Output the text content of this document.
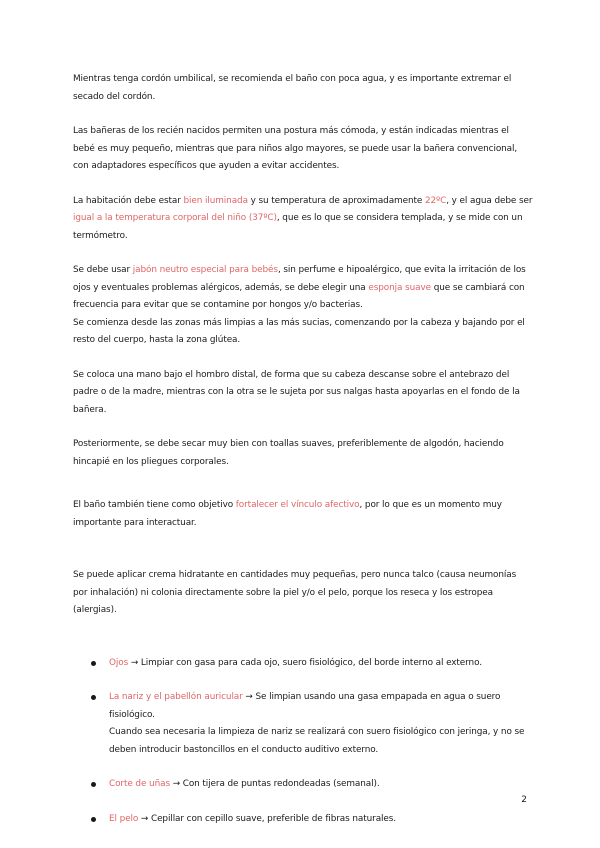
Mientras tenga cordón umbilical, se recomienda el baño con poca agua, y es importante extremar el secado del cordón.

Las bañeras de los recién nacidos permiten una postura más cómoda, y están indicadas mientras el bebé es muy pequeño, mientras que para niños algo mayores, se puede usar la bañera convencional, con adaptadores específicos que ayuden a evitar accidentes.

La habitación debe estar bien iluminada y su temperatura de aproximadamente 22ºC, y el agua debe ser igual a la temperatura corporal del niño (37ºC), que es lo que se considera templada, y se mide con un termómetro.

Se debe usar jabón neutro especial para bebés, sin perfume e hipoalérgico, que evita la irritación de los ojos y eventuales problemas alérgicos, además, se debe elegir una esponja suave que se cambiará con frecuencia para evitar que se contamine por hongos y/o bacterias.

Se comienza desde las zonas más limpias a las más sucias, comenzando por la cabeza y bajando por el resto del cuerpo, hasta la zona glútea.

Se coloca una mano bajo el hombro distal, de forma que su cabeza descanse sobre el antebrazo del padre o de la madre, mientras con la otra se le sujeta por sus nalgas hasta apoyarlas en el fondo de la bañera.

Posteriormente, se debe secar muy bien con toallas suaves, preferiblemente de algodón, haciendo hincapié en los pliegues corporales.

El baño también tiene como objetivo fortalecer el vínculo afectivo, por lo que es un momento muy importante para interactuar.

Se puede aplicar crema hidratante en cantidades muy pequeñas, pero nunca talco (causa neumonías por inhalación) ni colonia directamente sobre la piel y/o el pelo, porque los reseca y los estropea (alergias).

Ojos → Limpiar con gasa para cada ojo, suero fisiológico, del borde interno al externo.
La nariz y el pabellón auricular → Se limpian usando una gasa empapada en agua o suero fisiológico.
Cuando sea necesaria la limpieza de nariz se realizará con suero fisiológico con jeringa, y no se deben introducir bastoncillos en el conducto auditivo externo.
Corte de uñas → Con tijera de puntas redondeadas (semanal).
El pelo → Cepillar con cepillo suave, preferible de fibras naturales.
2
